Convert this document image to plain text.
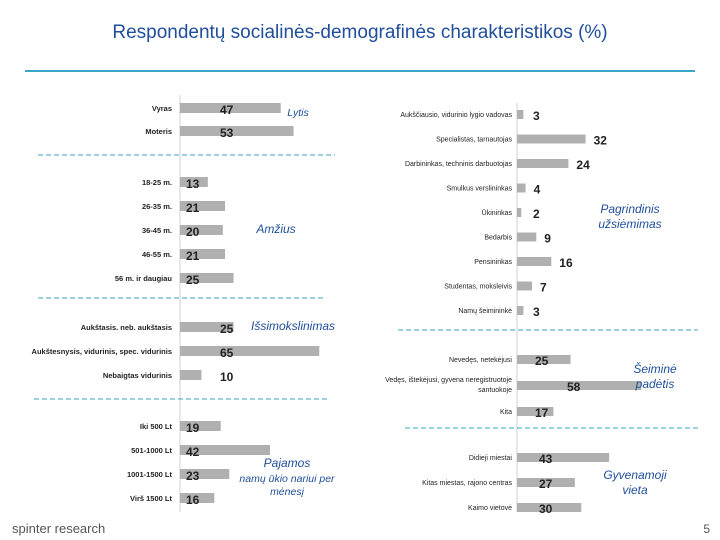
Respondentų socialinės-demografinės charakteristikos (%)
Vyras	47
Moteris	53
18-25 m. 13
26-35 m. 21
36-45 m. 20
46-55 m. 21
56 m. ir daugiau 25
Aukštasis. neb. aukštasis	25
Aukštesnysis, vidurinis, spec. vidurinis	65
Nebaigtas vidurinis	10
Iki 500 Lt 19
501-1000 Lt 42
1001-1500 Lt 23
Virš 1500 Lt 16
Aukščiausio, vidurinio lygio vadovas 3
Specialistas, tarnautojas	32
Darbininkas, techninis darbuotojas	24
Smulkus verslininkas 4
Ūkininkas 2
Bedarbis	9
Pensininkas	16
Studentas, moksleivis 7
Namų šeimininkė 3
Nevedęs, netekėjusi 25
Vedęs, ištekėjusi, gyvena neregistruotoje santuokoje	58
Kita 17
Didieji miestai 43
Kitas miestas, rajono centras 27
Kaimo vietovė 30
Lytis
Amžius
Išsimokslinimas
Pajamos
namų ūkio nariui per mėnesį
Pagrindinis užsiėmimas
Šeiminė padėtis
Gyvenamoji vieta
spinter research	5
